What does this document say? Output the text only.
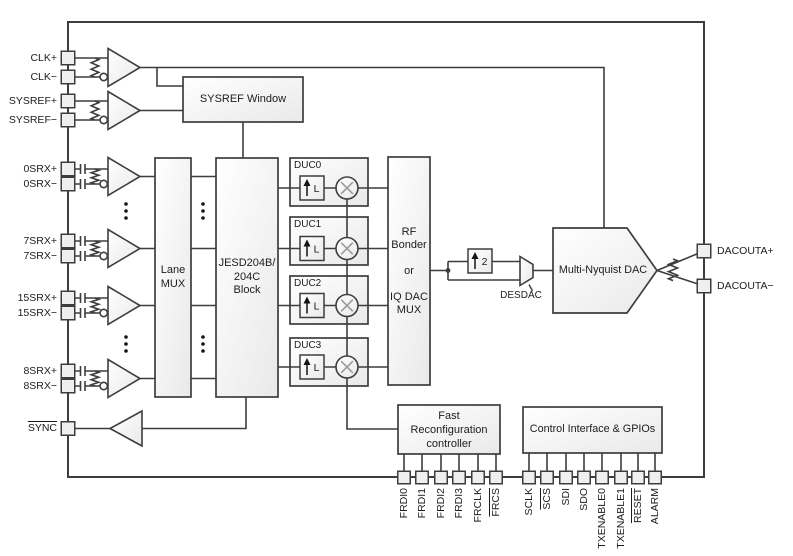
L
L
L
L
2
SYSREF Window
Lane
MUX
JESD204B/
204C
Block
RF
Bonder

or

IQ DAC
MUX
Multi-Nyquist DAC
DESDAC
Fast
Reconfiguration
controller
Control Interface & GPIOs
DUC0
DUC1
DUC2
DUC3
CLK+
CLK−
SYSREF+
SYSREF−
0SRX+
0SRX−
7SRX+
7SRX−
15SRX+
15SRX−
8SRX+
8SRX−
SYNC
DACOUTA+
DACOUTA−
FRDI0 FRDI1 FRDI2 FRDI3 FRCLK FRCS SCLK $\overline{SCS}$ SDI SDO TXENABLE0 TXENABLE1 RESET ALARM
